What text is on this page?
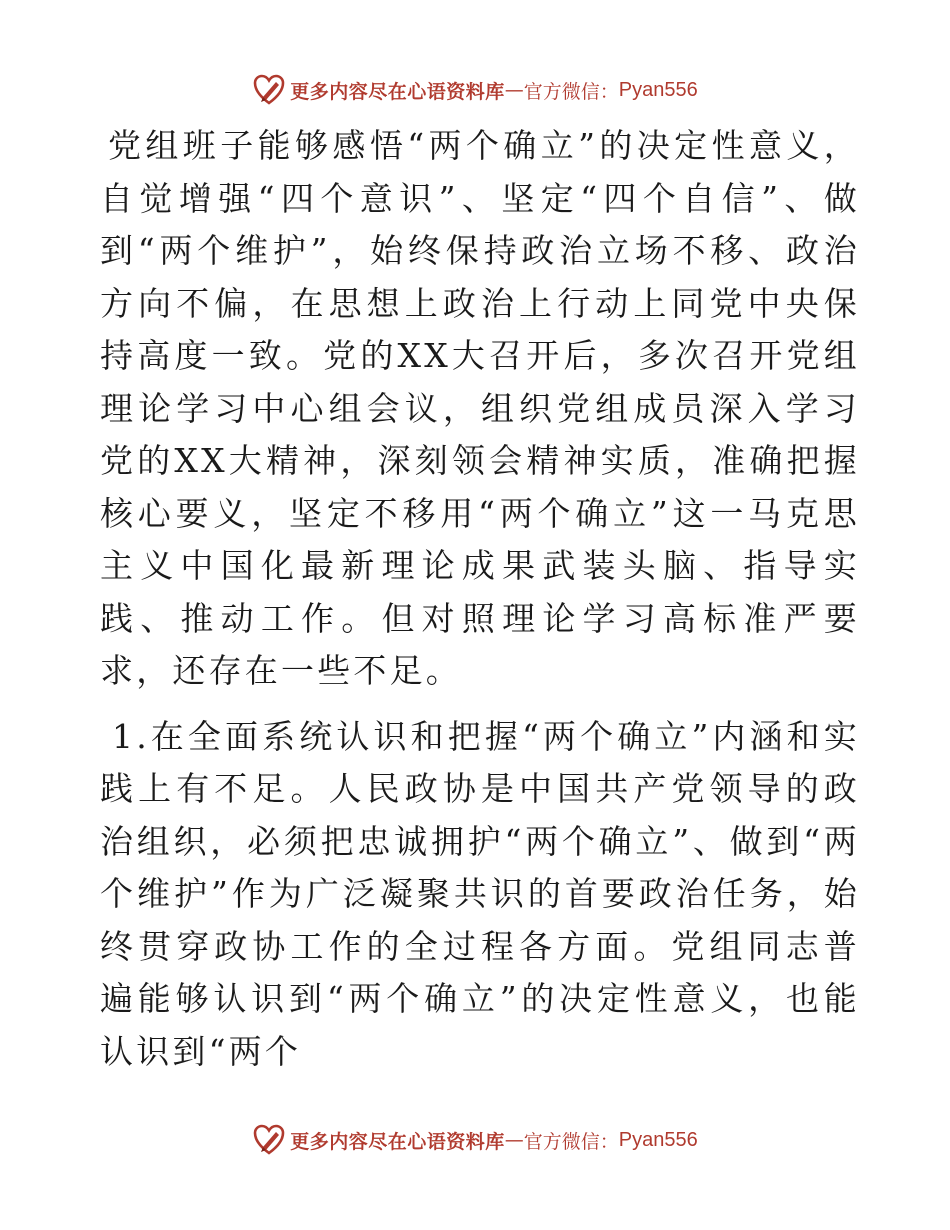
更多内容尽在心语资料库 — 官方微信： Pyan556

党组班子能够感悟“两个确立”的决定性意义，自觉增强“四个意识”、坚定“四个自信”、做到“两个维护”，始终保持政治立场不移、政治方向不偏，在思想上政治上行动上同党中央保持高度一致。党的XX大召开后，多次召开党组理论学习中心组会议，组织党组成员深入学习党的XX大精神，深刻领会精神实质，准确把握核心要义，坚定不移用“两个确立”这一马克思主义中国化最新理论成果武装头脑、指导实践、推动工作。但对照理论学习高标准严要求，还存在一些不足。

1.在全面系统认识和把握“两个确立”内涵和实践上有不足。人民政协是中国共产党领导的政治组织，必须把忠诚拥护“两个确立”、做到“两个维护”作为广泛凝聚共识的首要政治任务，始终贯穿政协工作的全过程各方面。党组同志普遍能够认识到“两个确立”的决定性意义，也能认识到“两个

更多内容尽在心语资料库 — 官方微信： Pyan556
